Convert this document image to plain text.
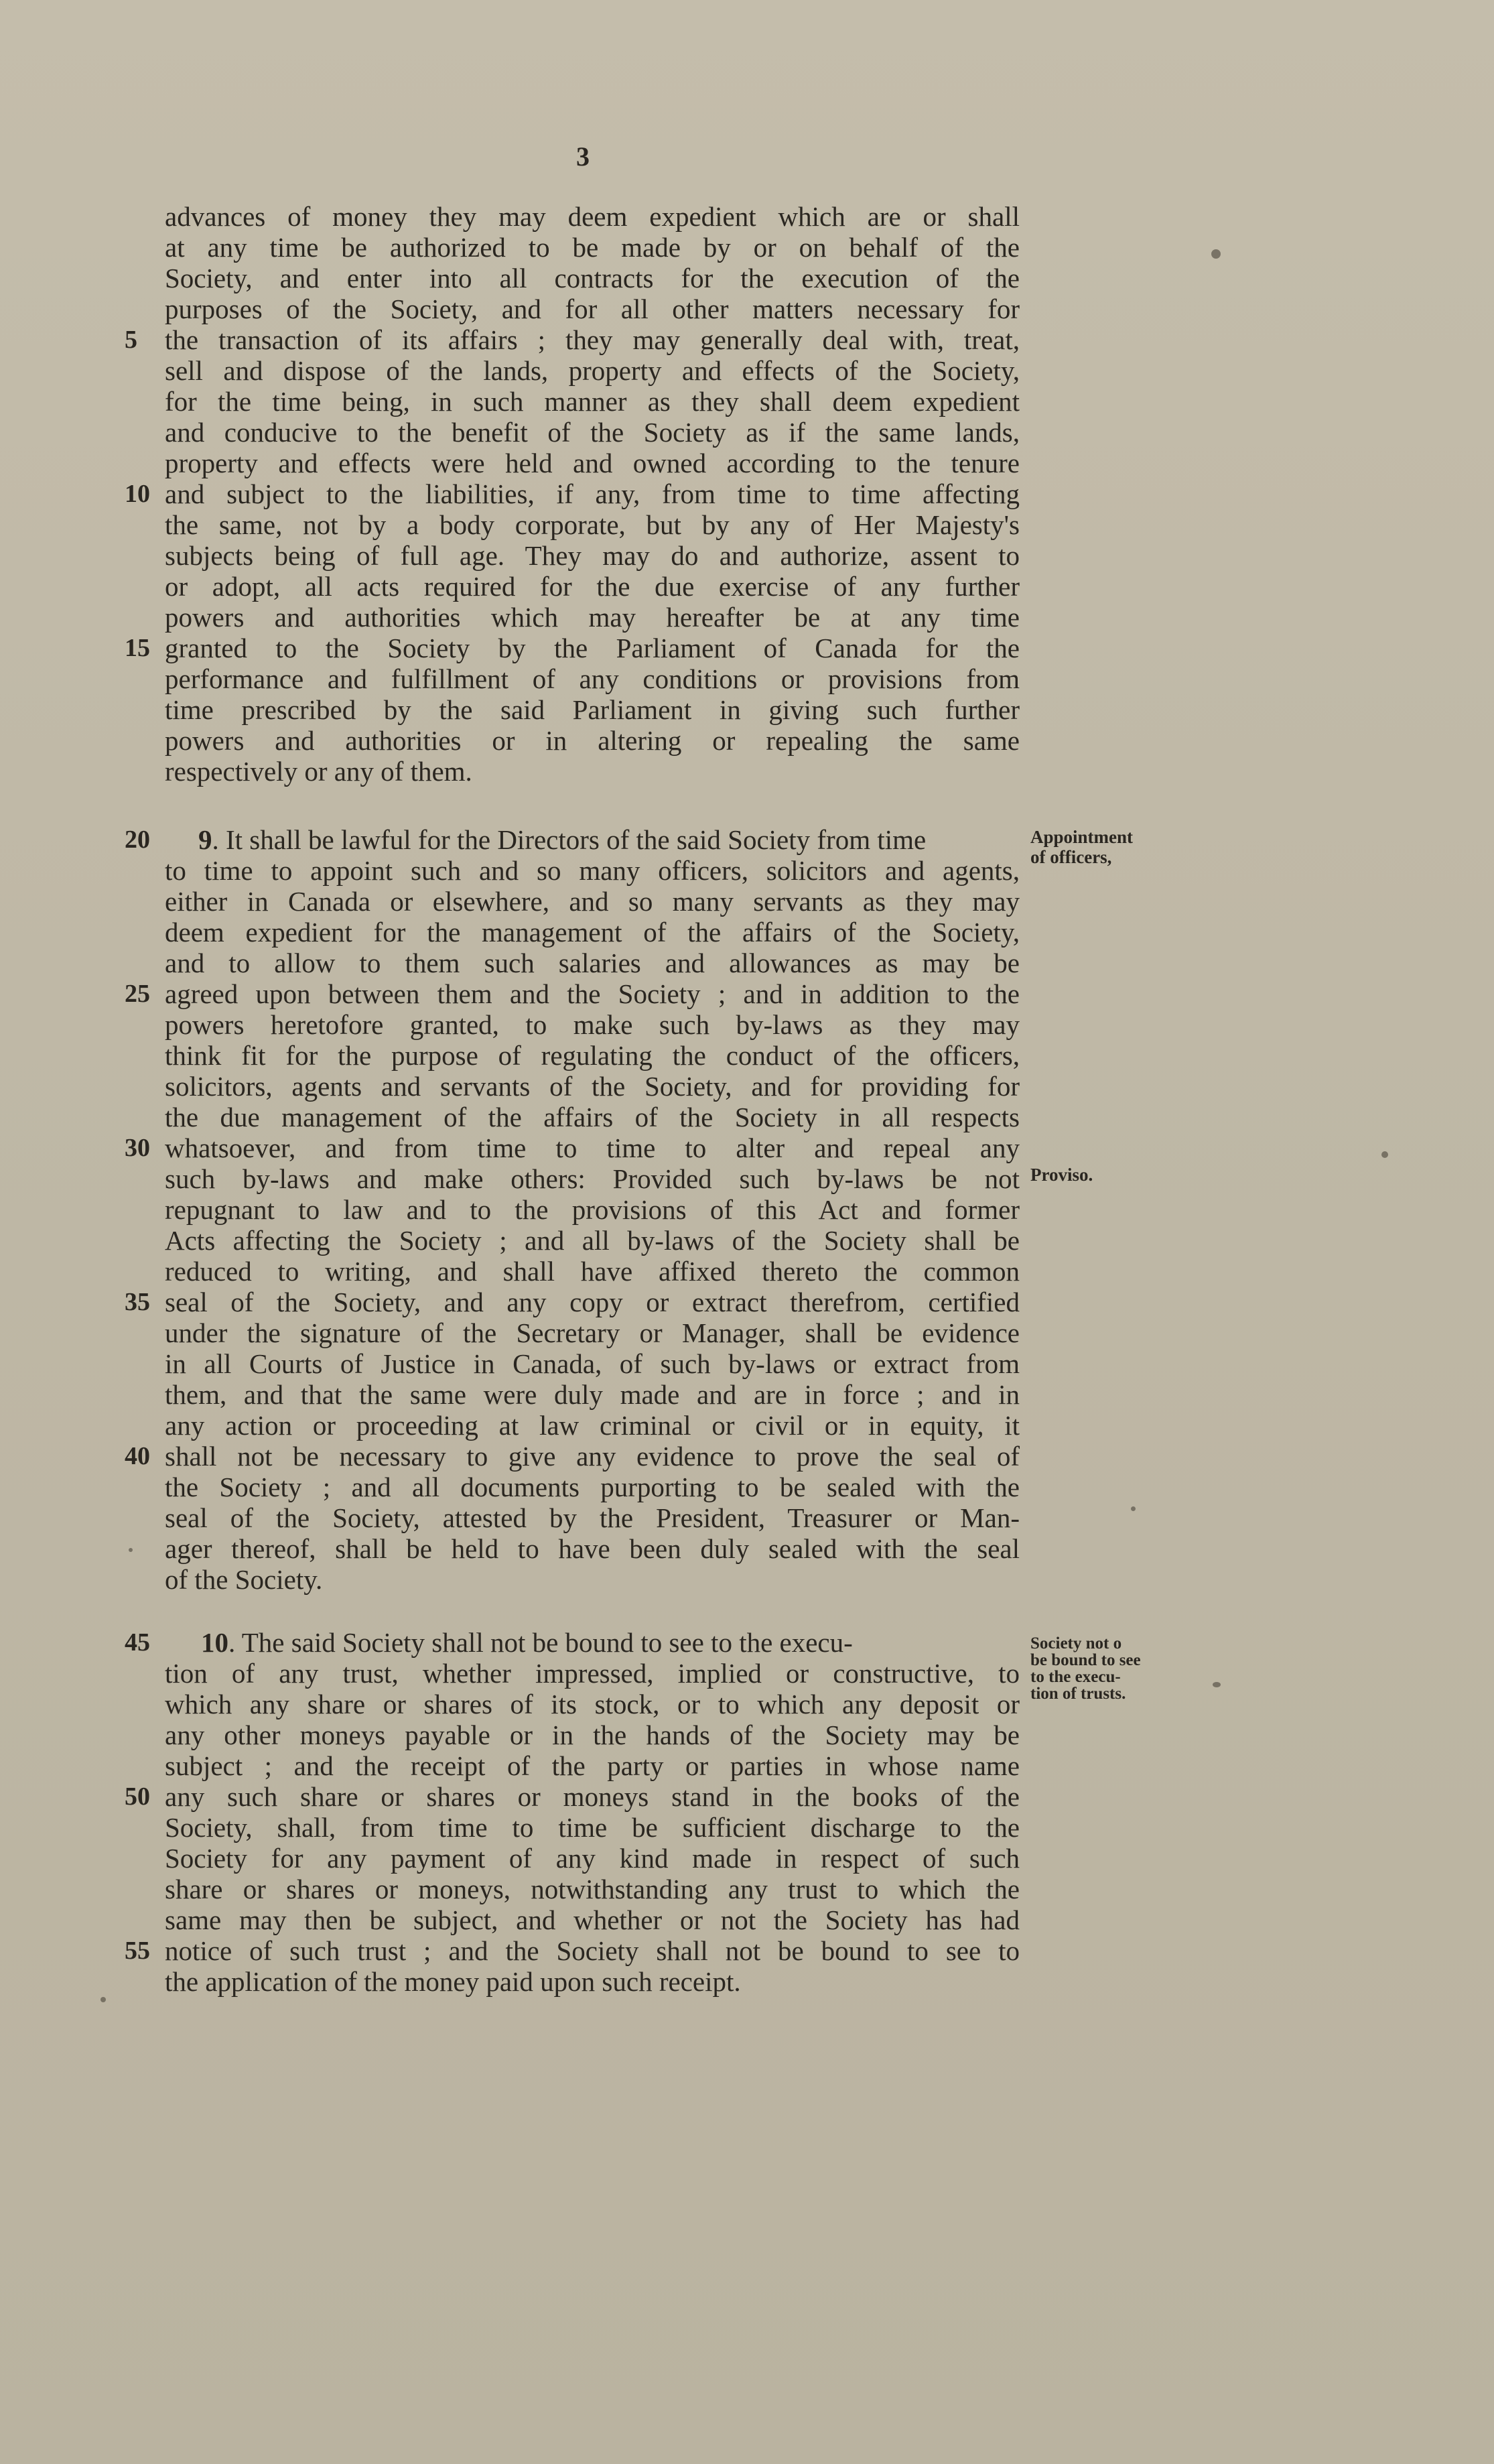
3
advances of money they may deem expedient which are or shall
at any time be authorized to be made by or on behalf of the
Society, and enter into all contracts for the execution of the
purposes of the Society, and for all other matters necessary for
5	the transaction of its affairs ; they may generally deal with, treat,
sell and dispose of the lands, property and effects of the Society,
for the time being, in such manner as they shall deem expedient
and conducive to the benefit of the Society as if the same lands,
property and effects were held and owned according to the tenure
10 and subject to the liabilities, if any, from time to time affecting
the same, not by a body corporate, but by any of Her Majesty's
subjects being of full age. They may do and authorize, assent to
or adopt, all acts required for the due exercise of any further
powers and authorities which may hereafter be at any time
15 granted to the Society by the Parliament of Canada for the
performance and fulfillment of any conditions or provisions from
time prescribed by the said Parliament in giving such further
powers and authorities or in altering or repealing the same
respectively or any of them.
20	9. It shall be lawful for the Directors of the said Society from time
to time to appoint such and so many officers, solicitors and agents,
either in Canada or elsewhere, and so many servants as they may
deem expedient for the management of the affairs of the Society,
and to allow to them such salaries and allowances as may be
25 agreed upon between them and the Society ; and in addition to the
powers heretofore granted, to make such by-laws as they may
think fit for the purpose of regulating the conduct of the officers,
solicitors, agents and servants of the Society, and for providing for
the due management of the affairs of the Society in all respects
30 whatsoever, and from time to time to alter and repeal any
such by-laws and make others: Provided such by-laws be not
repugnant to law and to the provisions of this Act and former
Acts affecting the Society ; and all by-laws of the Society shall be
reduced to writing, and shall have affixed thereto the common
35 seal of the Society, and any copy or extract therefrom, certified
under the signature of the Secretary or Manager, shall be evidence
in all Courts of Justice in Canada, of such by-laws or extract from
them, and that the same were duly made and are in force ; and in
any action or proceeding at law criminal or civil or in equity, it
40 shall not be necessary to give any evidence to prove the seal of
the Society ; and all documents purporting to be sealed with the
seal of the Society, attested by the President, Treasurer or Man-
ager thereof, shall be held to have been duly sealed with the seal
of the Society.
45	10. The said Society shall not be bound to see to the execu-
tion of any trust, whether impressed, implied or constructive, to
which any share or shares of its stock, or to which any deposit or
any other moneys payable or in the hands of the Society may be
subject ; and the receipt of the party or parties in whose name
50 any such share or shares or moneys stand in the books of the
Society, shall, from time to time be sufficient discharge to the
Society for any payment of any kind made in respect of such
share or shares or moneys, notwithstanding any trust to which the
same may then be subject, and whether or not the Society has had
55 notice of such trust ; and the Society shall not be bound to see to
the application of the money paid upon such receipt.
Appointment
of officers,
Proviso.
Society not o
be bound to see
to the execu-
tion of trusts.
